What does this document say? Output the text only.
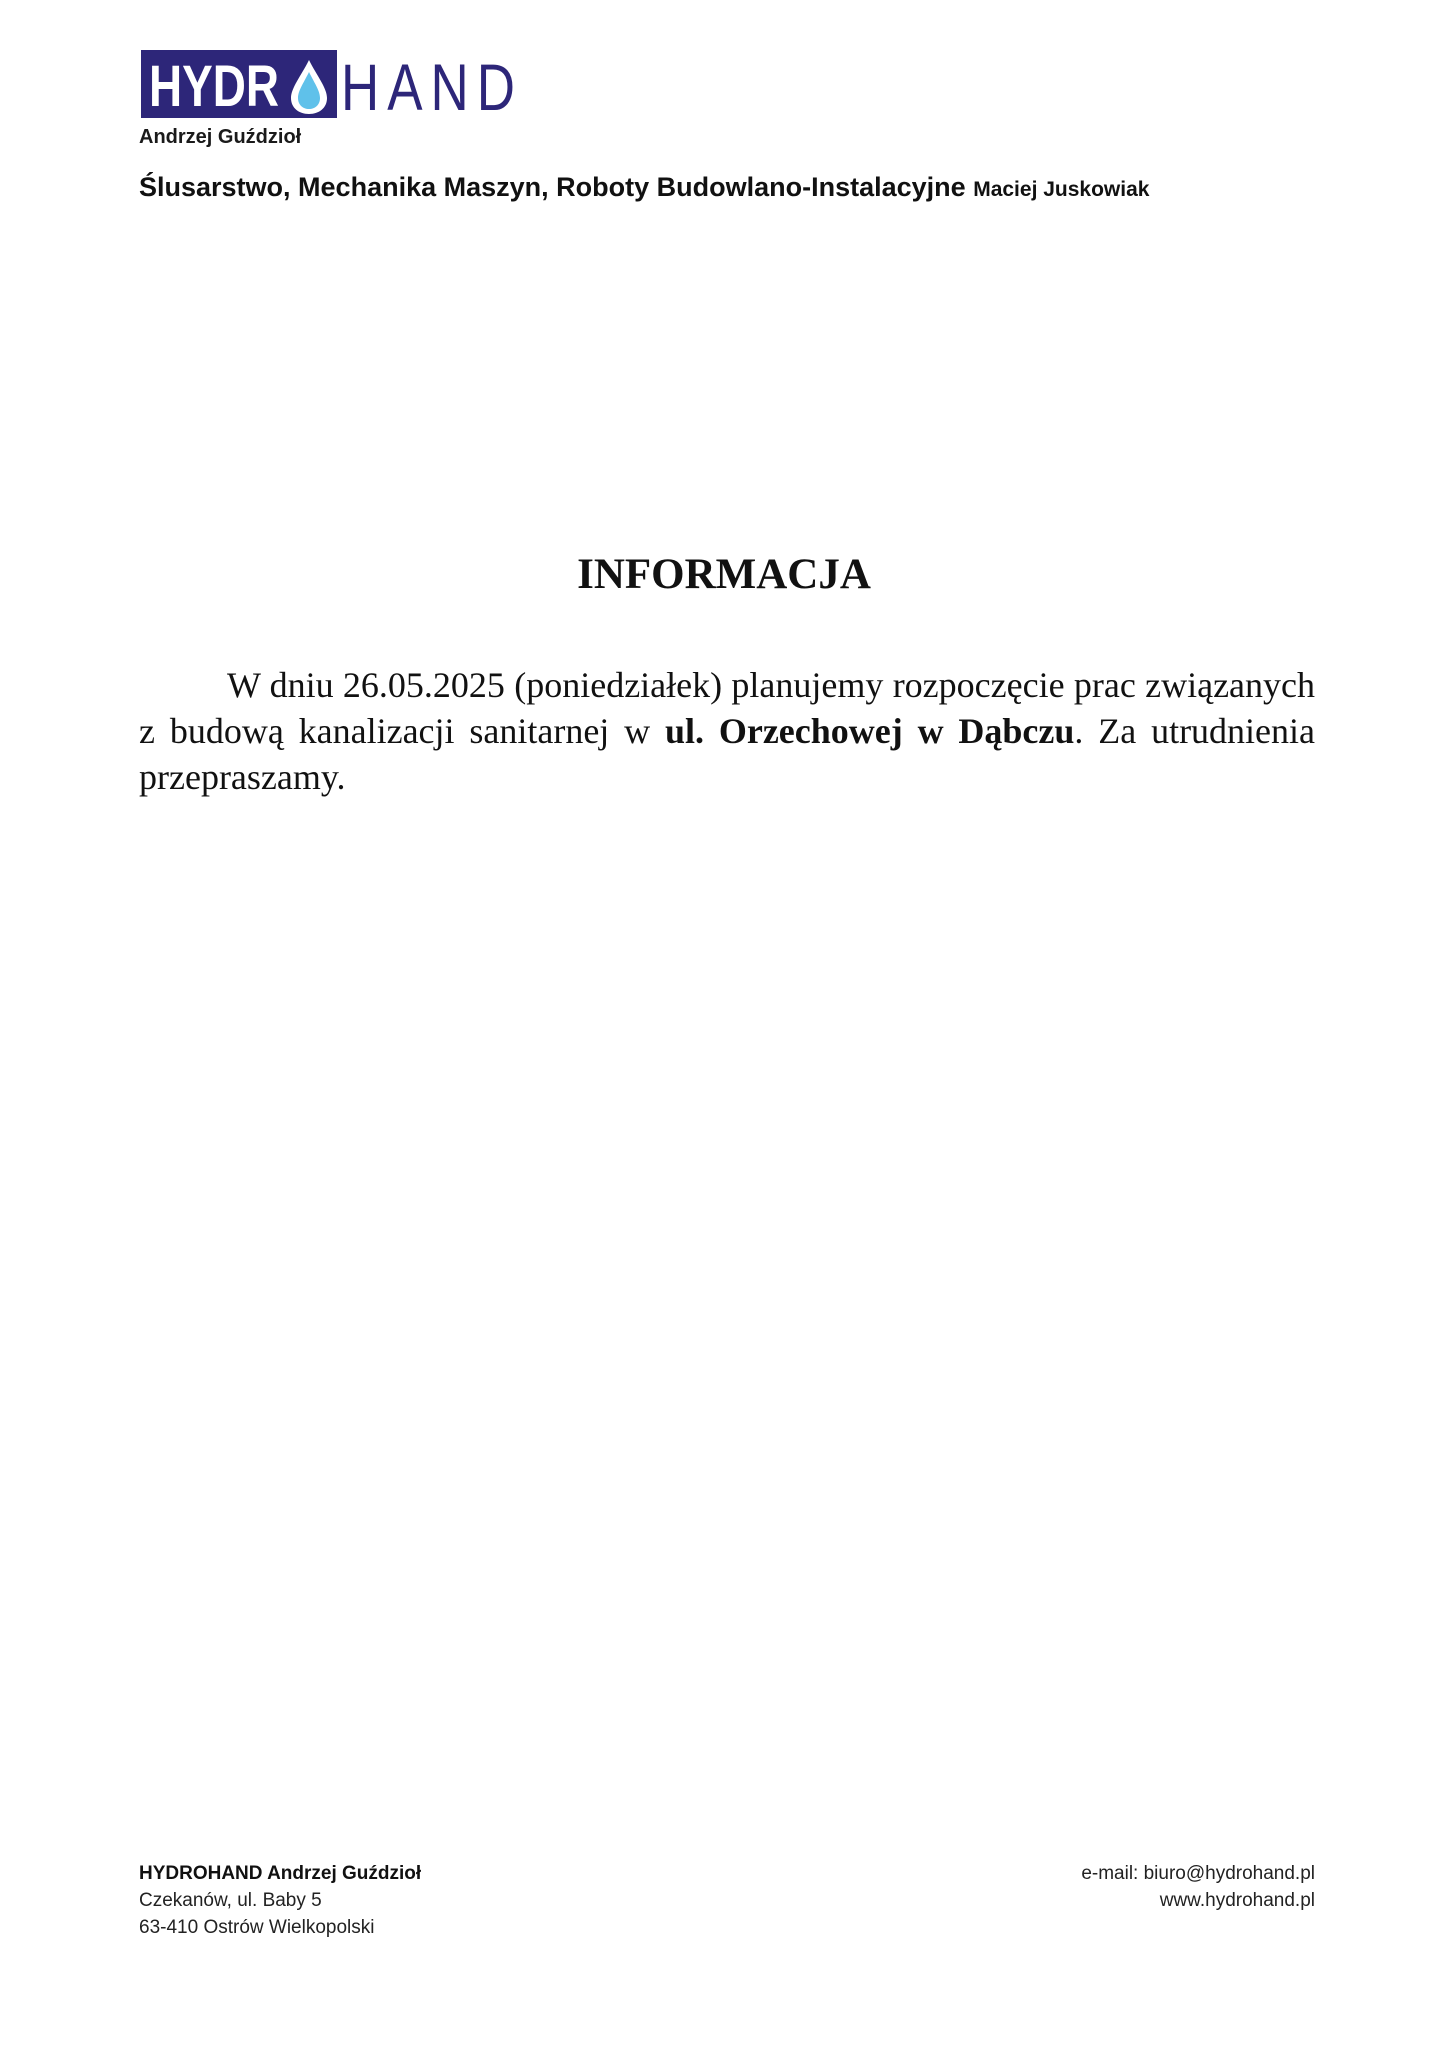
HYDR HAND
Andrzej Guździoł
Ślusarstwo, Mechanika Maszyn, Roboty Budowlano-Instalacyjne Maciej Juskowiak
INFORMACJA
W dniu 26.05.2025 (poniedziałek) planujemy rozpoczęcie prac związanych z budową kanalizacji sanitarnej w ul. Orzechowej w Dąbczu. Za utrudnienia przepraszamy.
HYDROHAND Andrzej Guździoł
Czekanów, ul. Baby 5
63-410 Ostrów Wielkopolski
e-mail: biuro@hydrohand.pl
www.hydrohand.pl
